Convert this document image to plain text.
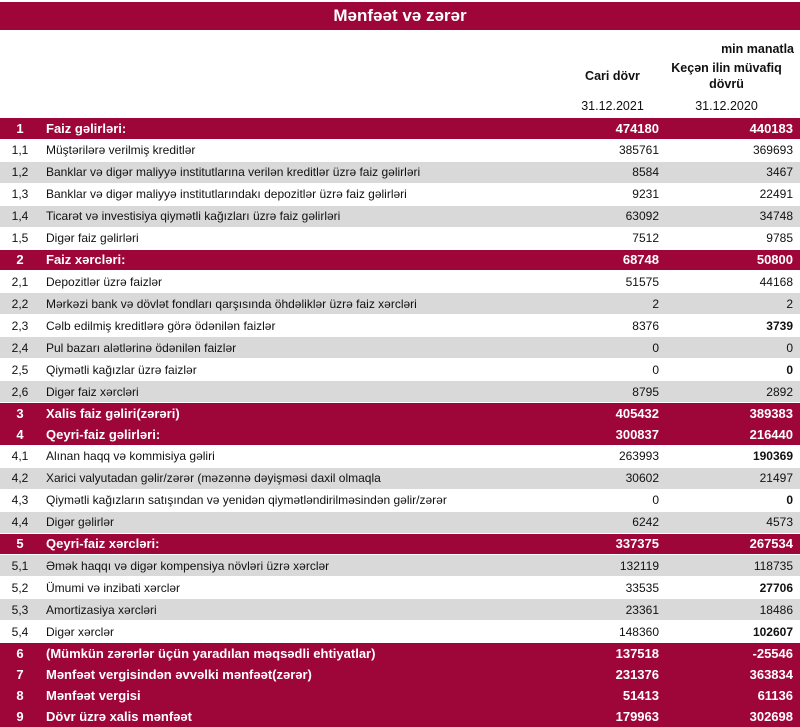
Mənfəət və zərər
min manatla
Cari dövr
Keçən ilin müvafiq dövrü
31.12.2021	31.12.2020
1	Faiz gəlirləri:	474180	440183
1,1	Müştərilərə verilmiş kreditlər	385761	369693
1,2	Banklar və digər maliyyə institutlarına verilən kreditlər üzrə faiz gəlirləri	8584	3467
1,3	Banklar və digər maliyyə institutlarındakı depozitlər üzrə faiz gəlirləri	9231	22491
1,4	Ticarət və investisiya qiymətli kağızları üzrə faiz gəlirləri	63092	34748
1,5	Digər faiz gəlirləri	7512	9785
2	Faiz xərcləri:	68748	50800
2,1	Depozitlər üzrə faizlər	51575	44168
2,2	Mərkəzi bank və dövlət fondları qarşısında öhdəliklər üzrə faiz xərcləri	2	2
2,3	Cəlb edilmiş kreditlərə görə ödənilən faizlər	8376	3739
2,4	Pul bazarı alətlərinə ödənilən faizlər	0	0
2,5	Qiymətli kağızlar üzrə faizlər	0	0
2,6	Digər faiz xərcləri	8795	2892
3	Xalis faiz gəliri(zərəri)	405432	389383
4	Qeyri-faiz gəlirləri:	300837	216440
4,1	Alınan haqq və kommisiya gəliri	263993	190369
4,2	Xarici valyutadan gəlir/zərər (məzənnə dəyişməsi daxil olmaqla	30602	21497
4,3	Qiymətli kağızların satışından və yenidən qiymətləndirilməsindən gəlir/zərər	0	0
4,4	Digər gəlirlər	6242	4573
5	Qeyri-faiz xərcləri:	337375	267534
5,1	Əmək haqqı və digər kompensiya növləri üzrə xərclər	132119	118735
5,2	Ümumi və inzibati xərclər	33535	27706
5,3	Amortizasiya xərcləri	23361	18486
5,4	Digər xərclər	148360	102607
6	(Mümkün zərərlər üçün yaradılan məqsədli ehtiyatlar)	137518	-25546
7	Mənfəət vergisindən əvvəlki mənfəət(zərər)	231376	363834
8	Mənfəət vergisi	51413	61136
9	Dövr üzrə xalis mənfəət	179963	302698
